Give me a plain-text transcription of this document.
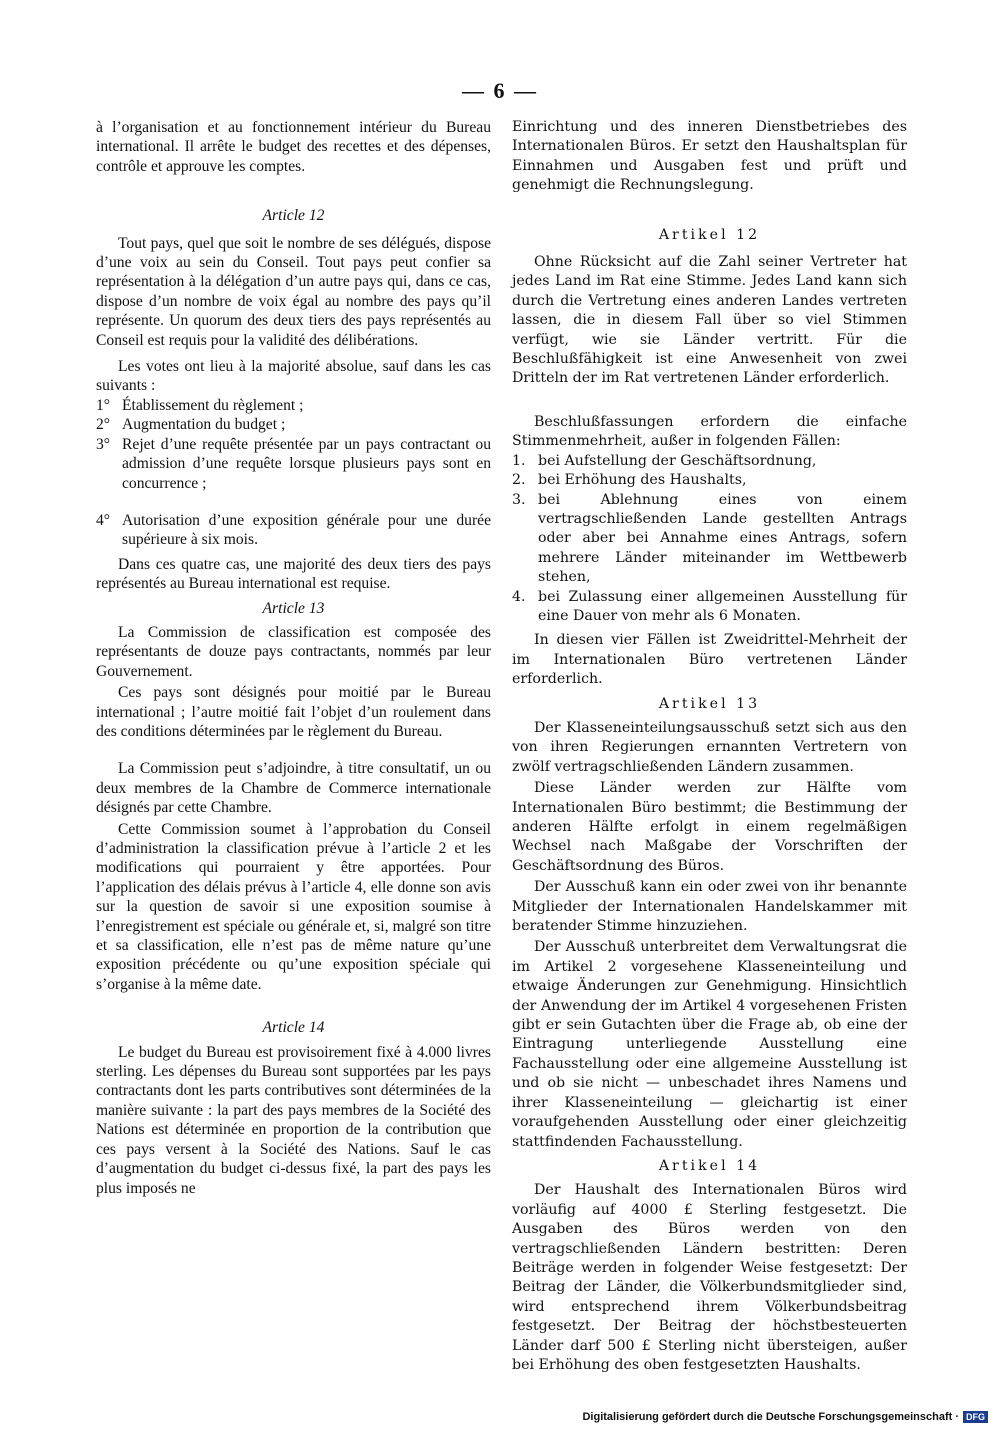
— 6 —

à l’organisation et au fonctionnement intérieur du Bureau international. Il arrête le budget des recettes et des dépenses, contrôle et approuve les comptes.

Article 12

Tout pays, quel que soit le nombre de ses délégués, dispose d’une voix au sein du Conseil. Tout pays peut confier sa représentation à la délégation d’un autre pays qui, dans ce cas, dispose d’un nombre de voix égal au nombre des pays qu’il représente. Un quorum des deux tiers des pays représentés au Conseil est requis pour la validité des délibérations.

Les votes ont lieu à la majorité absolue, sauf dans les cas suivants :

1° Établissement du règlement ;
2° Augmentation du budget ;
3° Rejet d’une requête présentée par un pays contractant ou admission d’une requête lorsque plusieurs pays sont en concurrence ;
4° Autorisation d’une exposition générale pour une durée supérieure à six mois.

Dans ces quatre cas, une majorité des deux tiers des pays représentés au Bureau international est requise.

Article 13

La Commission de classification est composée des représentants de douze pays contractants, nommés par leur Gouvernement.

Ces pays sont désignés pour moitié par le Bureau international ; l’autre moitié fait l’objet d’un roulement dans des conditions déterminées par le règlement du Bureau.

La Commission peut s’adjoindre, à titre consultatif, un ou deux membres de la Chambre de Commerce internationale désignés par cette Chambre.

Cette Commission soumet à l’approbation du Conseil d’administration la classification prévue à l’article 2 et les modifications qui pourraient y être apportées. Pour l’application des délais prévus à l’article 4, elle donne son avis sur la question de savoir si une exposition soumise à l’enregistrement est spéciale ou générale et, si, malgré son titre et sa classification, elle n’est pas de même nature qu’une exposition précédente ou qu’une exposition spéciale qui s’organise à la même date.

Article 14

Le budget du Bureau est provisoirement fixé à 4.000 livres sterling. Les dépenses du Bureau sont supportées par les pays contractants dont les parts contributives sont déterminées de la manière suivante : la part des pays membres de la Société des Nations est déterminée en proportion de la contribution que ces pays versent à la Société des Nations. Sauf le cas d’augmentation du budget ci-dessus fixé, la part des pays les plus imposés ne

Einrichtung und des inneren Dienstbetriebes des Internationalen Büros. Er setzt den Haushaltsplan für Einnahmen und Ausgaben fest und prüft und genehmigt die Rechnungslegung.

Artikel 12

Ohne Rücksicht auf die Zahl seiner Vertreter hat jedes Land im Rat eine Stimme. Jedes Land kann sich durch die Vertretung eines anderen Landes vertreten lassen, die in diesem Fall über so viel Stimmen verfügt, wie sie Länder vertritt. Für die Beschlußfähigkeit ist eine Anwesenheit von zwei Dritteln der im Rat vertretenen Länder erforderlich.

Beschlußfassungen erfordern die einfache Stimmenmehrheit, außer in folgenden Fällen:

1. bei Aufstellung der Geschäftsordnung,
2. bei Erhöhung des Haushalts,
3. bei Ablehnung eines von einem vertragschließenden Lande gestellten Antrags oder aber bei Annahme eines Antrags, sofern mehrere Länder miteinander im Wettbewerb stehen,
4. bei Zulassung einer allgemeinen Ausstellung für eine Dauer von mehr als 6 Monaten.

In diesen vier Fällen ist Zweidrittel-Mehrheit der im Internationalen Büro vertretenen Länder erforderlich.

Artikel 13

Der Klasseneinteilungsausschuß setzt sich aus den von ihren Regierungen ernannten Vertretern von zwölf vertragschließenden Ländern zusammen.

Diese Länder werden zur Hälfte vom Internationalen Büro bestimmt; die Bestimmung der anderen Hälfte erfolgt in einem regelmäßigen Wechsel nach Maßgabe der Vorschriften der Geschäftsordnung des Büros.

Der Ausschuß kann ein oder zwei von ihr benannte Mitglieder der Internationalen Handelskammer mit beratender Stimme hinzuziehen.

Der Ausschuß unterbreitet dem Verwaltungsrat die im Artikel 2 vorgesehene Klasseneinteilung und etwaige Änderungen zur Genehmigung. Hinsichtlich der Anwendung der im Artikel 4 vorgesehenen Fristen gibt er sein Gutachten über die Frage ab, ob eine der Eintragung unterliegende Ausstellung eine Fachausstellung oder eine allgemeine Ausstellung ist und ob sie nicht — unbeschadet ihres Namens und ihrer Klasseneinteilung — gleichartig ist einer voraufgehenden Ausstellung oder einer gleichzeitig stattfindenden Fachausstellung.

Artikel 14

Der Haushalt des Internationalen Büros wird vorläufig auf 4000 £ Sterling festgesetzt. Die Ausgaben des Büros werden von den vertragschließenden Ländern bestritten: Deren Beiträge werden in folgender Weise festgesetzt: Der Beitrag der Länder, die Völkerbundsmitglieder sind, wird entsprechend ihrem Völkerbundsbeitrag festgesetzt. Der Beitrag der höchstbesteuerten Länder darf 500 £ Sterling nicht übersteigen, außer bei Erhöhung des oben festgesetzten Haushalts.

Digitalisierung gefördert durch die Deutsche Forschungsgemeinschaft · DFG
